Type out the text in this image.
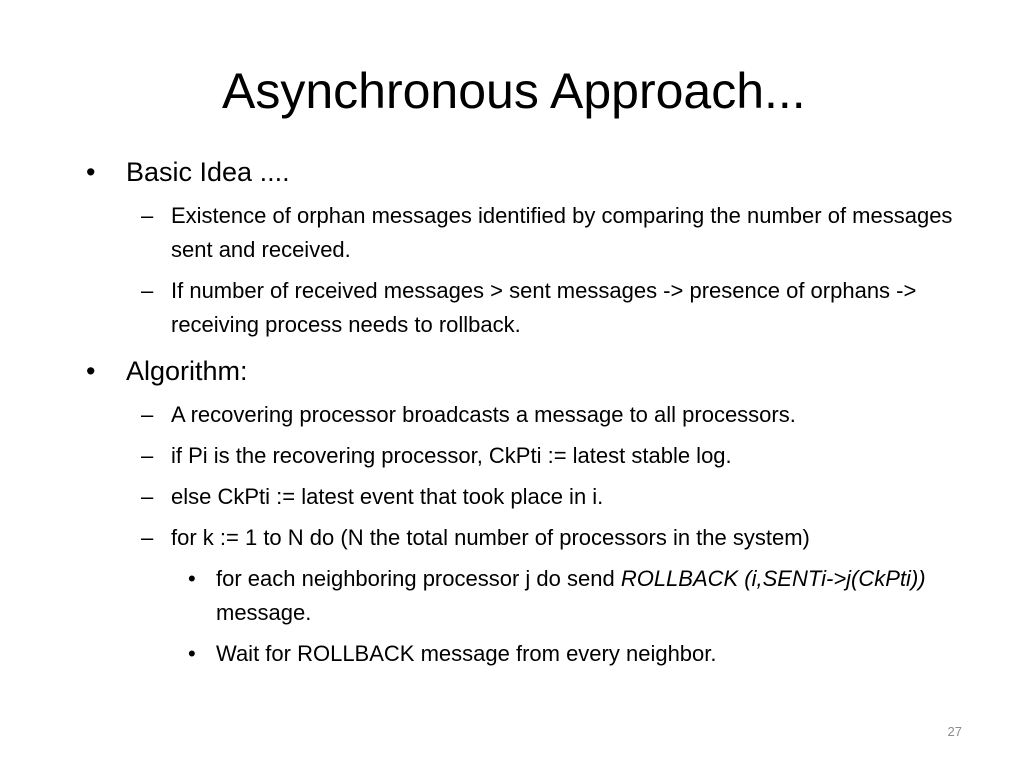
Asynchronous Approach...
• Basic Idea ....
– Existence of orphan messages identified by comparing the number of messages sent and received.
– If number of received messages > sent messages -> presence of orphans -> receiving process needs to rollback.
• Algorithm:
– A recovering processor broadcasts a message to all processors.
– if Pi is the recovering processor, CkPti := latest stable log.
– else CkPti := latest event that took place in i.
– for k := 1 to N do (N the total number of processors in the system)
• for each neighboring processor j do send ROLLBACK (i,SENTi->j(CkPti)) message.
• Wait for ROLLBACK message from every neighbor.
27
